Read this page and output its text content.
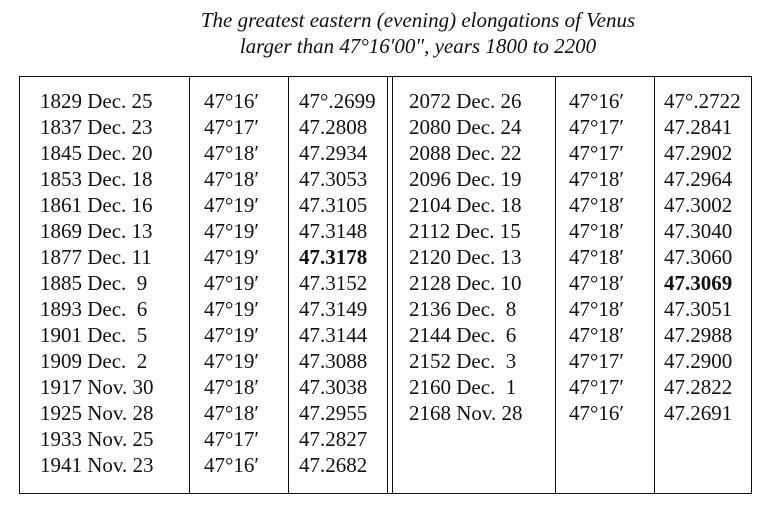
The greatest eastern (evening) elongations of Venus
larger than 47°16′00″, years 1800 to 2200
1829 Dec. 25
1837 Dec. 23
1845 Dec. 20
1853 Dec. 18
1861 Dec. 16
1869 Dec. 13
1877 Dec. 11
1885 Dec.  9
1893 Dec.  6
1901 Dec.  5
1909 Dec.  2
1917 Nov. 30
1925 Nov. 28
1933 Nov. 25
1941 Nov. 23
47°16′
47°17′
47°18′
47°18′
47°19′
47°19′
47°19′
47°19′
47°19′
47°19′
47°19′
47°18′
47°18′
47°17′
47°16′
47°.2699
47.2808
47.2934
47.3053
47.3105
47.3148
47.3178
47.3152
47.3149
47.3144
47.3088
47.3038
47.2955
47.2827
47.2682
2072 Dec. 26
2080 Dec. 24
2088 Dec. 22
2096 Dec. 19
2104 Dec. 18
2112 Dec. 15
2120 Dec. 13
2128 Dec. 10
2136 Dec.  8
2144 Dec.  6
2152 Dec.  3
2160 Dec.  1
2168 Nov. 28
47°16′
47°17′
47°17′
47°18′
47°18′
47°18′
47°18′
47°18′
47°18′
47°18′
47°17′
47°17′
47°16′
47°.2722
47.2841
47.2902
47.2964
47.3002
47.3040
47.3060
47.3069
47.3051
47.2988
47.2900
47.2822
47.2691
